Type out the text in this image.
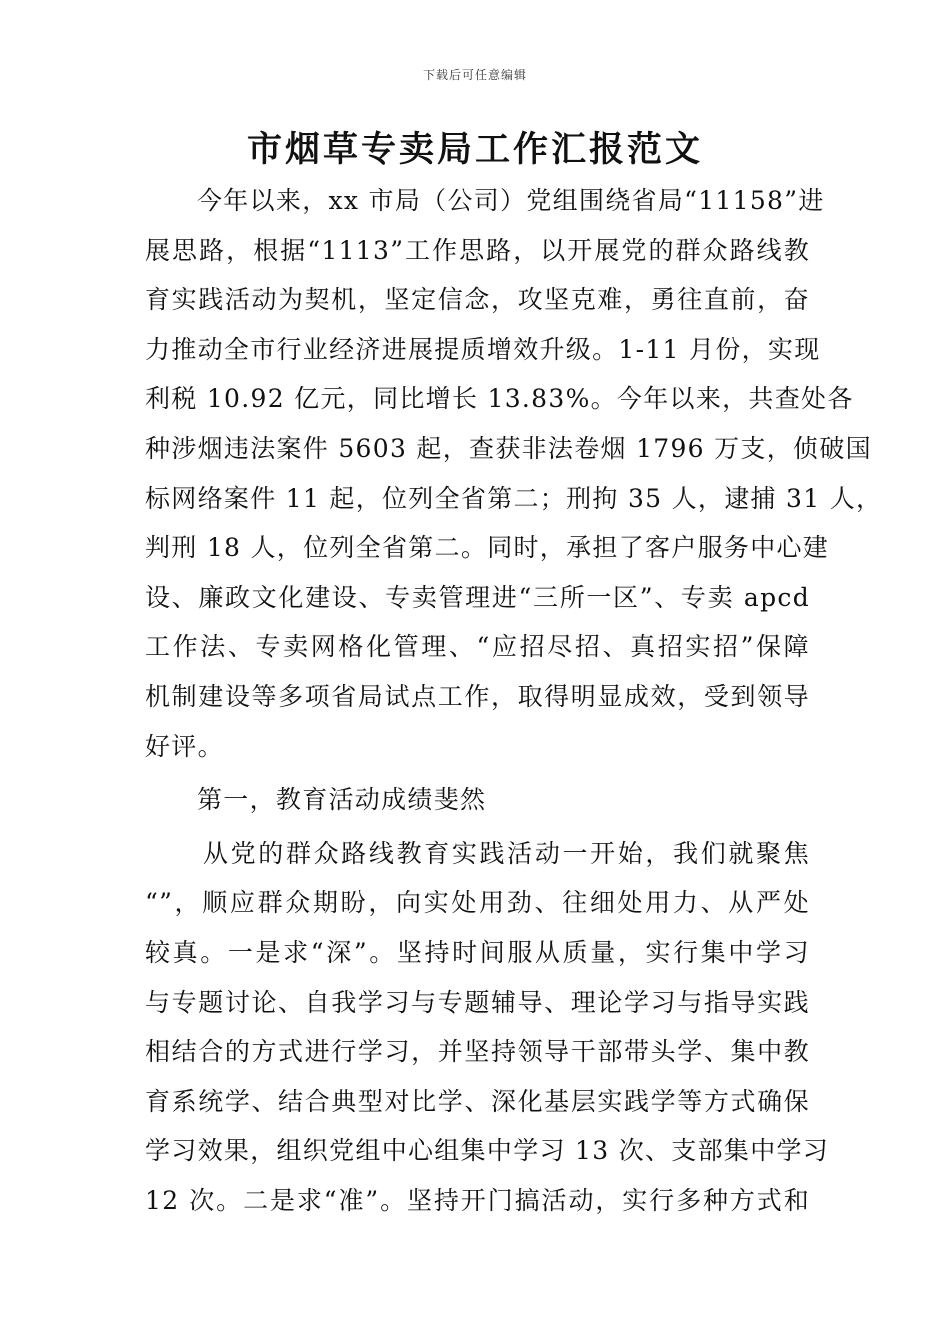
下载后可任意编辑
市烟草专卖局工作汇报范文
今年以来，xx 市局（公司）党组围绕省局“11158”进
展思路，根据“1113”工作思路，以开展党的群众路线教
育实践活动为契机，坚定信念，攻坚克难，勇往直前，奋
力推动全市行业经济进展提质增效升级。1-11 月份，实现
利税 10.92 亿元，同比增长 13.83%。今年以来，共查处各
种涉烟违法案件 5603 起，查获非法卷烟 1796 万支，侦破国
标网络案件 11 起，位列全省第二；刑拘 35 人，逮捕 31 人，
判刑 18 人，位列全省第二。同时，承担了客户服务中心建
设、廉政文化建设、专卖管理进“三所一区”、专卖 apcd
工作法、专卖网格化管理、“应招尽招、真招实招”保障
机制建设等多项省局试点工作，取得明显成效，受到领导
好评。
第一，教育活动成绩斐然
从党的群众路线教育实践活动一开始，我们就聚焦
“”，顺应群众期盼，向实处用劲、往细处用力、从严处
较真。一是求“深”。坚持时间服从质量，实行集中学习
与专题讨论、自我学习与专题辅导、理论学习与指导实践
相结合的方式进行学习，并坚持领导干部带头学、集中教
育系统学、结合典型对比学、深化基层实践学等方式确保
学习效果，组织党组中心组集中学习 13 次、支部集中学习
12 次。二是求“准”。坚持开门搞活动，实行多种方式和
